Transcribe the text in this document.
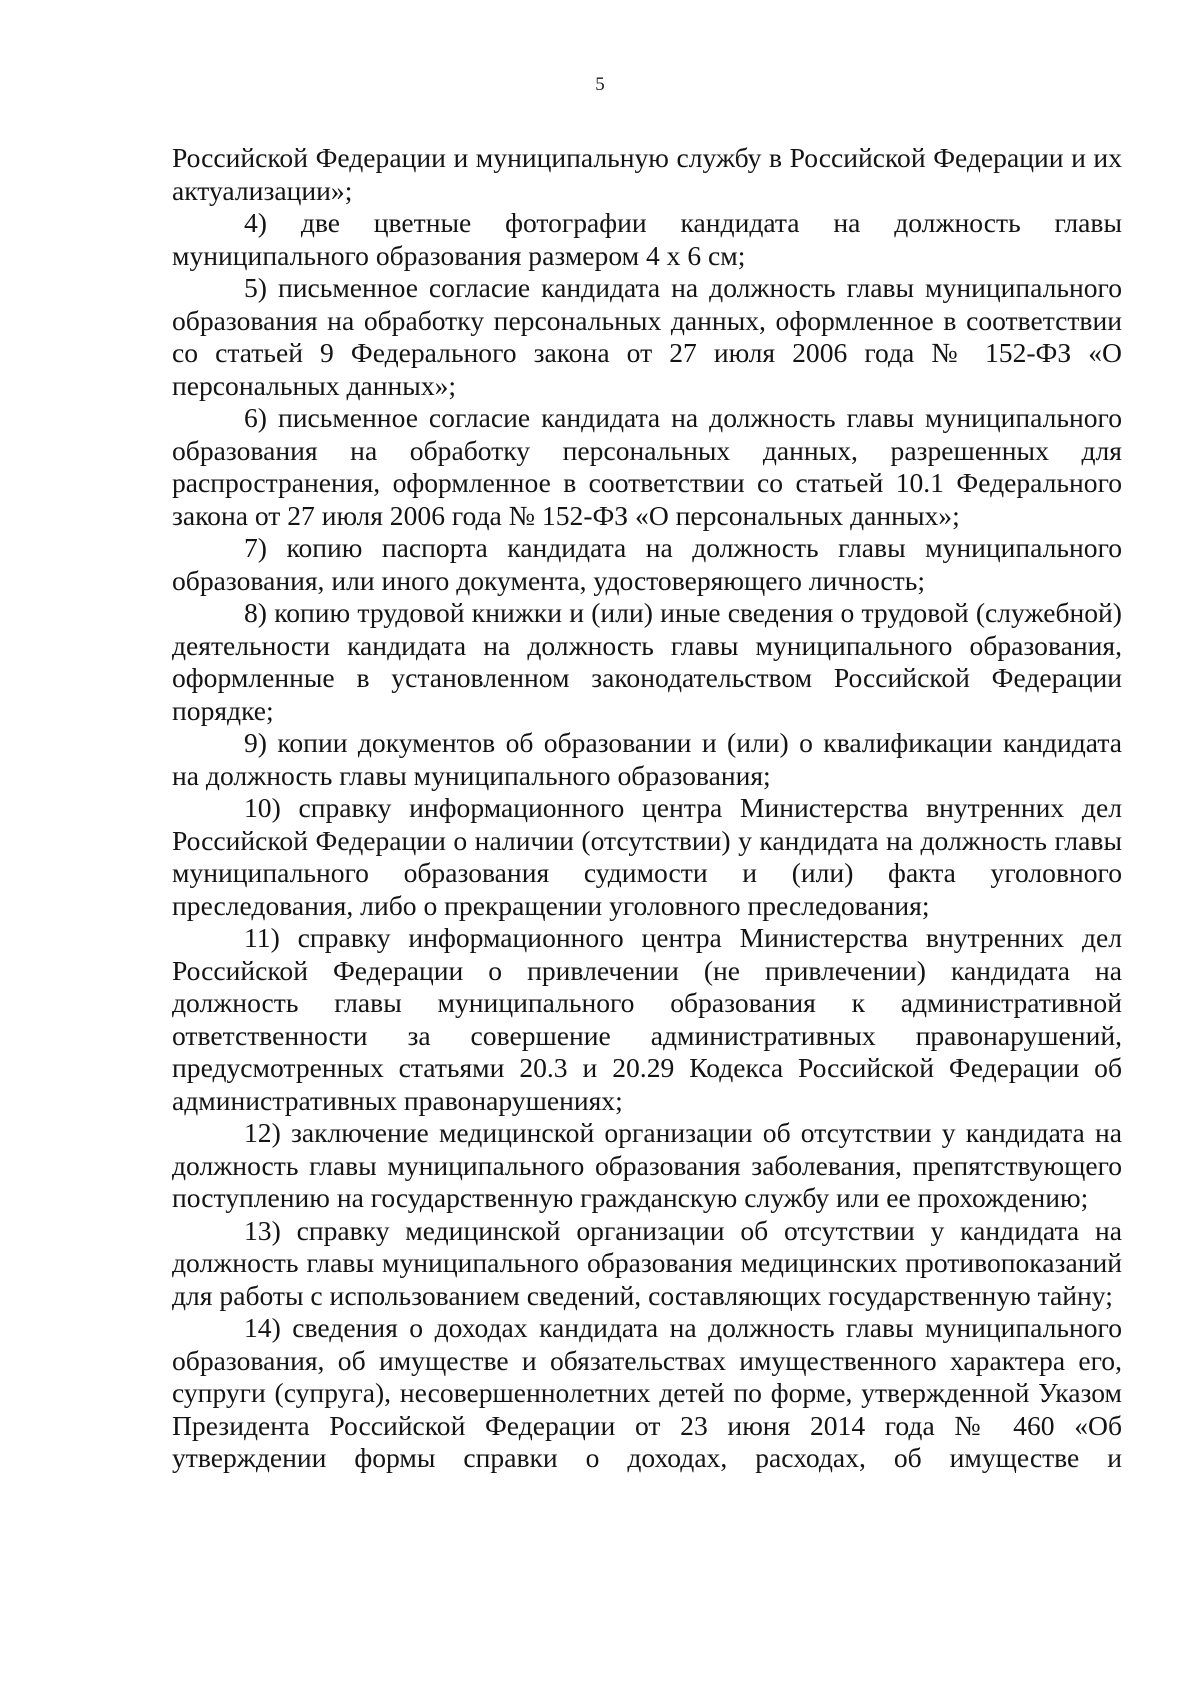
5

Российской Федерации и муниципальную службу в Российской Федерации и их актуализации»;

4) две цветные фотографии кандидата на должность главы муниципального образования размером 4 х 6 см;

5) письменное согласие кандидата на должность главы муниципального образования на обработку персональных данных, оформленное в соответствии со статьей 9 Федерального закона от 27 июля 2006 года № 152-ФЗ «О персональных данных»;

6) письменное согласие кандидата на должность главы муниципального образования на обработку персональных данных, разрешенных для распространения, оформленное в соответствии со статьей 10.1 Федерального закона от 27 июля 2006 года № 152-ФЗ «О персональных данных»;

7) копию паспорта кандидата на должность главы муниципального образования, или иного документа, удостоверяющего личность;

8) копию трудовой книжки и (или) иные сведения о трудовой (служебной) деятельности кандидата на должность главы муниципального образования, оформленные в установленном законодательством Российской Федерации порядке;

9) копии документов об образовании и (или) о квалификации кандидата на должность главы муниципального образования;

10) справку информационного центра Министерства внутренних дел Российской Федерации о наличии (отсутствии) у кандидата на должность главы муниципального образования судимости и (или) факта уголовного преследования, либо о прекращении уголовного преследования;

11) справку информационного центра Министерства внутренних дел Российской Федерации о привлечении (не привлечении) кандидата на должность главы муниципального образования к административной ответственности за совершение административных правонарушений, предусмотренных статьями 20.3 и 20.29 Кодекса Российской Федерации об административных правонарушениях;

12) заключение медицинской организации об отсутствии у кандидата на должность главы муниципального образования заболевания, препятствующего поступлению на государственную гражданскую службу или ее прохождению;

13) справку медицинской организации об отсутствии у кандидата на должность главы муниципального образования медицинских противопоказаний для работы с использованием сведений, составляющих государственную тайну;

14) сведения о доходах кандидата на должность главы муниципального образования, об имуществе и обязательствах имущественного характера его, супруги (супруга), несовершеннолетних детей по форме, утвержденной Указом Президента Российской Федерации от 23 июня 2014 года № 460 «Об утверждении формы справки о доходах, расходах, об имуществе и
